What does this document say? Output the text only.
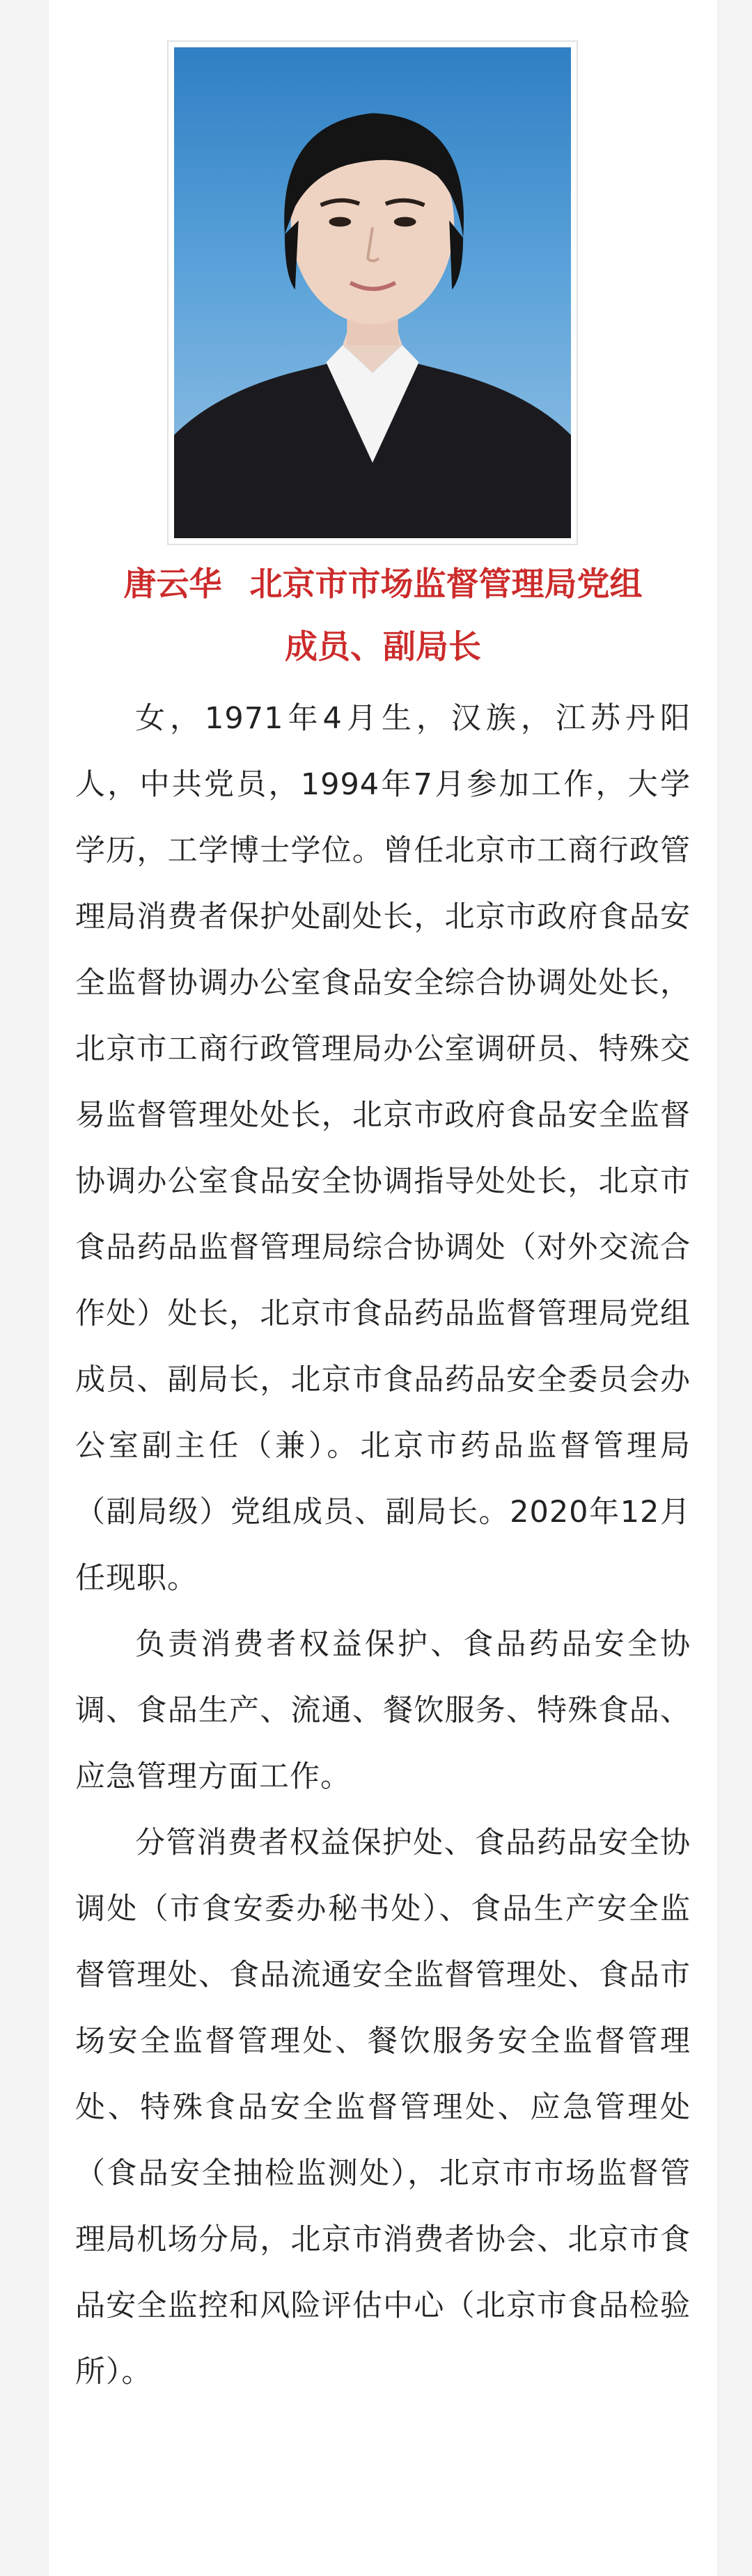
唐云华 北京市市场监督管理局党组
成员、副局长

女，1971年4月生，汉族，江苏丹阳人，中共党员，1994年7月参加工作，大学学历，工学博士学位。曾任北京市工商行政管理局消费者保护处副处长，北京市政府食品安全监督协调办公室食品安全综合协调处处长，北京市工商行政管理局办公室调研员、特殊交易监督管理处处长，北京市政府食品安全监督协调办公室食品安全协调指导处处长，北京市食品药品监督管理局综合协调处（对外交流合作处）处长，北京市食品药品监督管理局党组成员、副局长，北京市食品药品安全委员会办公室副主任（兼）。北京市药品监督管理局（副局级）党组成员、副局长。2020年12月任现职。

负责消费者权益保护、食品药品安全协调、食品生产、流通、餐饮服务、特殊食品、应急管理方面工作。

分管消费者权益保护处、食品药品安全协调处（市食安委办秘书处）、食品生产安全监督管理处、食品流通安全监督管理处、食品市场安全监督管理处、餐饮服务安全监督管理处、特殊食品安全监督管理处、应急管理处（食品安全抽检监测处），北京市市场监督管理局机场分局，北京市消费者协会、北京市食品安全监控和风险评估中心（北京市食品检验所）。
